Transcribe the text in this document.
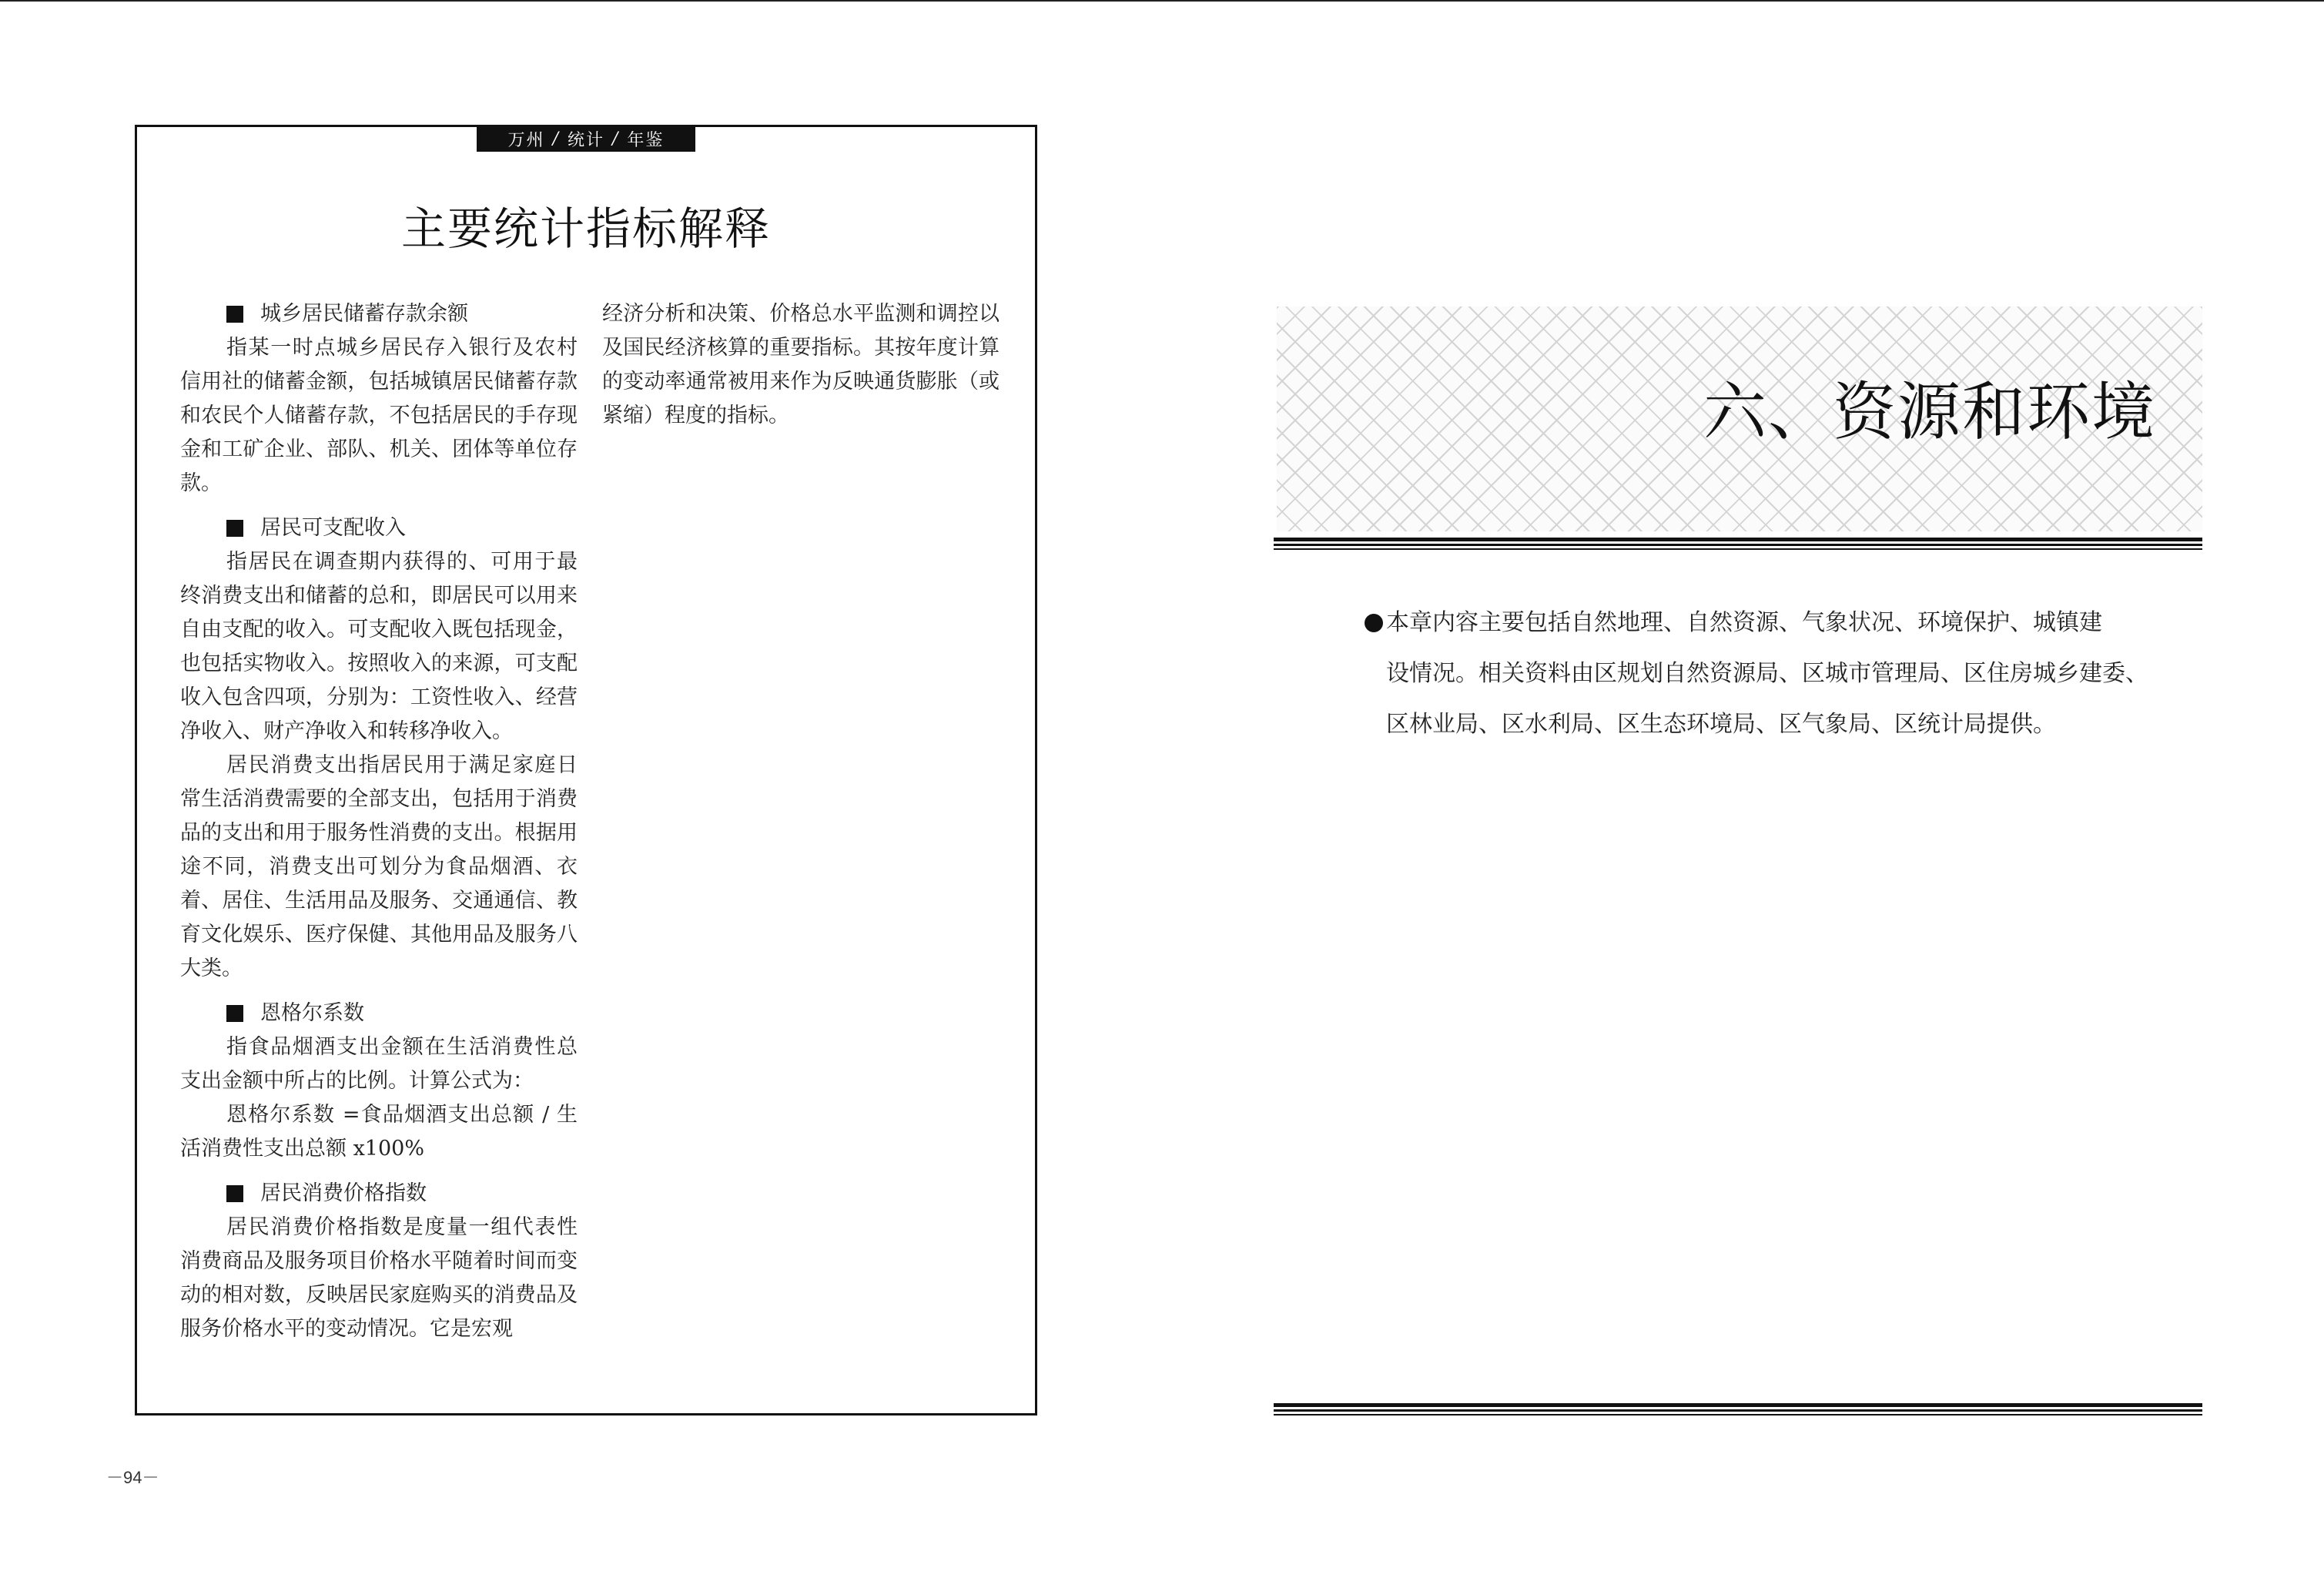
万州 / 统计 / 年鉴
主要统计指标解释
城乡居民储蓄存款余额

指某一时点城乡居民存入银行及农村信用社的储蓄金额，包括城镇居民储蓄存款和农民个人储蓄存款，不包括居民的手存现金和工矿企业、部队、机关、团体等单位存款。

居民可支配收入

指居民在调查期内获得的、可用于最终消费支出和储蓄的总和，即居民可以用来自由支配的收入。可支配收入既包括现金，也包括实物收入。按照收入的来源，可支配收入包含四项，分别为：工资性收入、经营净收入、财产净收入和转移净收入。

居民消费支出指居民用于满足家庭日常生活消费需要的全部支出，包括用于消费品的支出和用于服务性消费的支出。根据用途不同，消费支出可划分为食品烟酒、衣着、居住、生活用品及服务、交通通信、教育文化娱乐、医疗保健、其他用品及服务八大类。

恩格尔系数

指食品烟酒支出金额在生活消费性总支出金额中所占的比例。计算公式为：

恩格尔系数 =食品烟酒支出总额 / 生活消费性支出总额 x100%

居民消费价格指数

居民消费价格指数是度量一组代表性消费商品及服务项目价格水平随着时间而变动的相对数，反映居民家庭购买的消费品及服务价格水平的变动情况。它是宏观

经济分析和决策、价格总水平监测和调控以及国民经济核算的重要指标。其按年度计算的变动率通常被用来作为反映通货膨胀（或紧缩）程度的指标。

－94－
六、资源和环境
本章内容主要包括自然地理、自然资源、气象状况、环境保护、城镇建
设情况。相关资料由区规划自然资源局、区城市管理局、区住房城乡建委、
区林业局、区水利局、区生态环境局、区气象局、区统计局提供。
